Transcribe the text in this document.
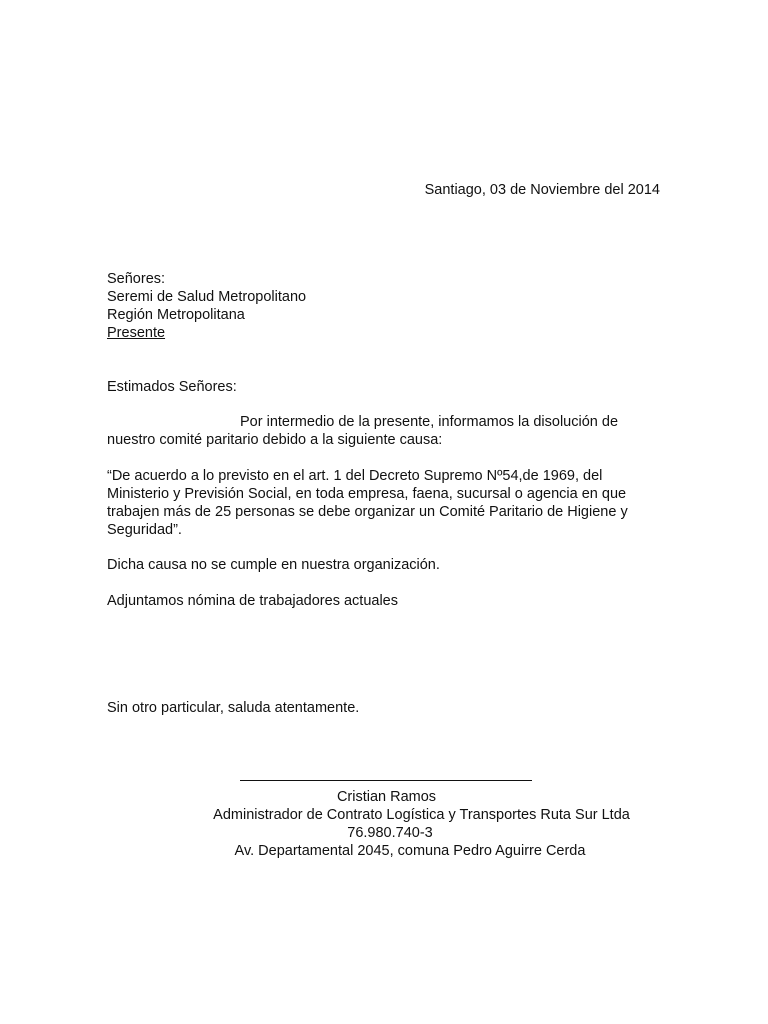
Santiago, 03 de Noviembre del 2014
Señores:
Seremi de Salud Metropolitano
Región Metropolitana
Presente
Estimados Señores:
Por intermedio de la presente, informamos la disolución de
nuestro comité paritario debido a la siguiente causa:
“De acuerdo a lo previsto en el art. 1 del Decreto Supremo Nº54,de 1969, del
Ministerio y Previsión Social, en toda empresa, faena, sucursal o agencia en que
trabajen más de 25 personas se debe organizar un Comité Paritario de Higiene y
Seguridad”.
Dicha causa no se cumple en nuestra organización.
Adjuntamos nómina de trabajadores actuales
Sin otro particular, saluda atentamente.
Cristian Ramos
Administrador de Contrato Logística y Transportes Ruta Sur Ltda
76.980.740-3
Av. Departamental 2045, comuna Pedro Aguirre Cerda
